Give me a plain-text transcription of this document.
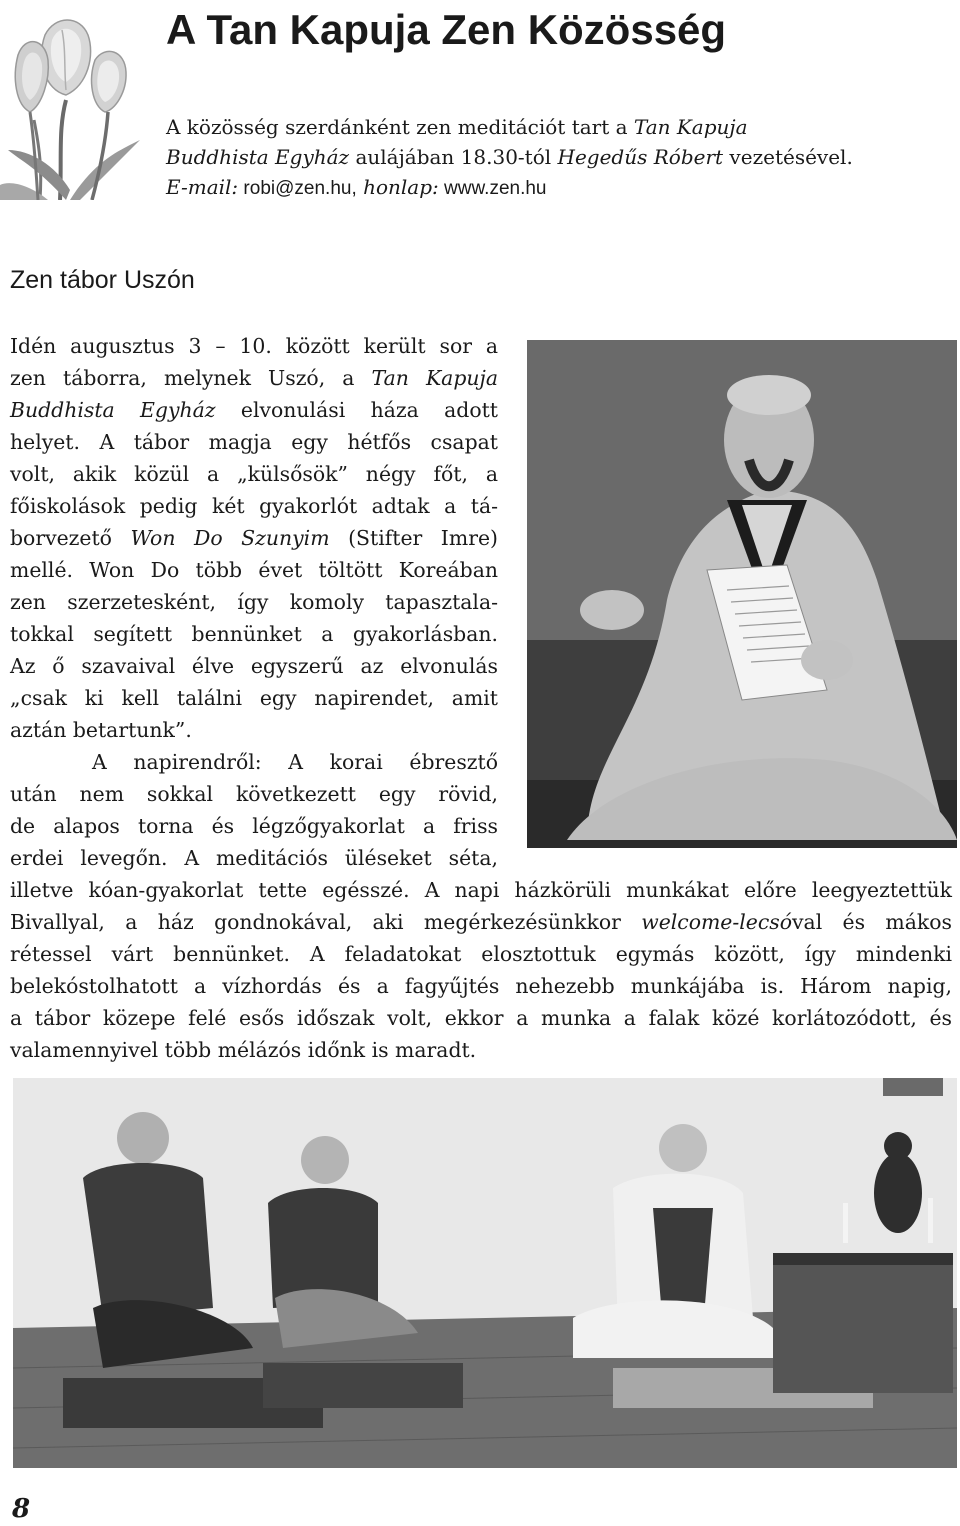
A Tan Kapuja Zen Közösség
A közösség szerdánként zen meditációt tart a Tan Kapuja
Buddhista Egyház aulájában 18.30-tól Hegedűs Róbert vezetésével.
E-mail: robi@zen.hu, honlap: www.zen.hu
Zen tábor Uszón
Idén augusztus 3 – 10. között került sor a
zen táborra, melynek Uszó, a Tan Kapuja
Buddhista Egyház elvonulási háza adott
helyet. A tábor magja egy hétfős csapat
volt, akik közül a „külsősök” négy főt, a
főiskolások pedig két gyakorlót adtak a tá-
borvezető Won Do Szunyim (Stifter Imre)
mellé. Won Do több évet töltött Koreában
zen szerzetesként, így komoly tapasztala-
tokkal segített bennünket a gyakorlásban.
Az ő szavaival élve egyszerű az elvonulás
„csak ki kell találni egy napirendet, amit
aztán betartunk”.
A napirendről: A korai ébresztő
után nem sokkal következett egy rövid,
de alapos torna és légzőgyakorlat a friss
erdei levegőn. A meditációs üléseket séta,
illetve kóan-gyakorlat tette egésszé. A napi házkörüli munkákat előre leegyeztettük
Bivallyal, a ház gondnokával, aki megérkezésünkkor welcome-lecsóval és mákos
rétessel várt bennünket. A feladatokat elosztottuk egymás között, így mindenki
belekóstolhatott a vízhordás és a fagyűjtés nehezebb munkájába is. Három napig,
a tábor közepe felé esős időszak volt, ekkor a munka a falak közé korlátozódott, és
valamennyivel több mélázós időnk is maradt.
8
